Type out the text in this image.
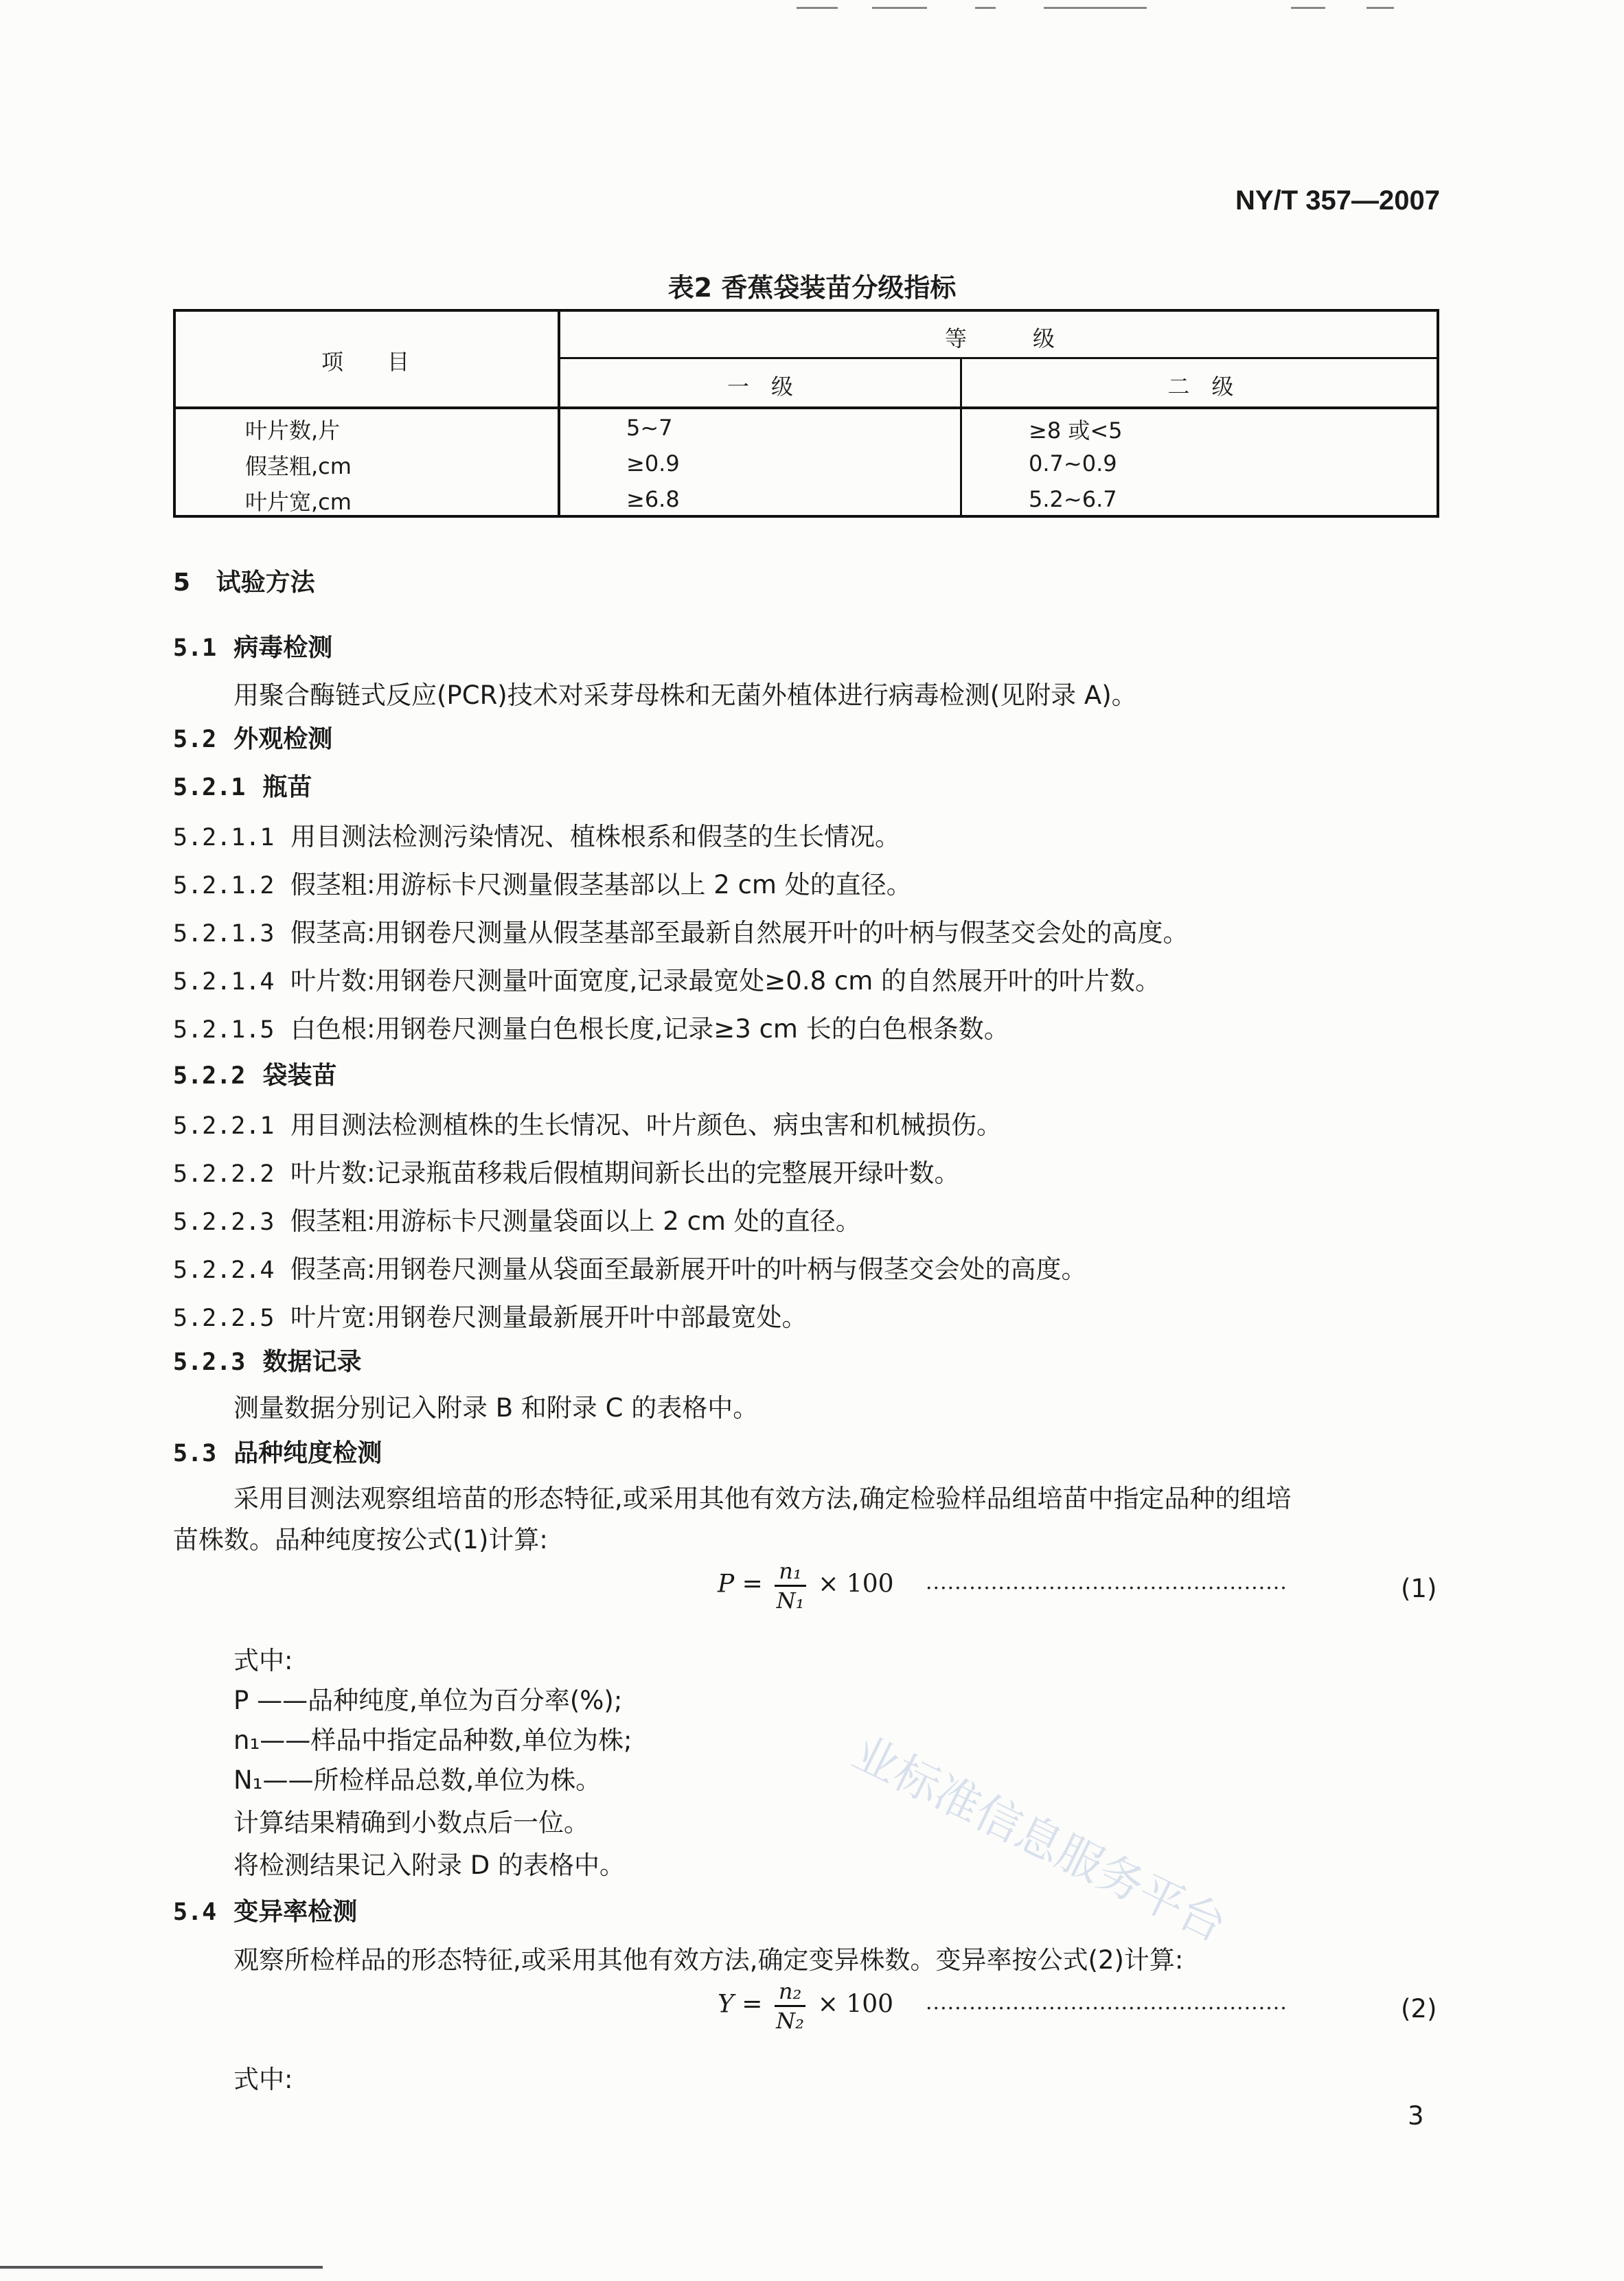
NY/T 357—2007
表2 香蕉袋装苗分级指标
项　　目
等　　　级
一　级	二　级
叶片数,片	5~7	≥8 或<5
假茎粗,cm	≥0.9	0.7~0.9
叶片宽,cm	≥6.8	5.2~6.7
5 试验方法
5.1 病毒检测
用聚合酶链式反应(PCR)技术对采芽母株和无菌外植体进行病毒检测(见附录 A)。
5.2 外观检测
5.2.1 瓶苗
5.2.1.1 用目测法检测污染情况、植株根系和假茎的生长情况。
5.2.1.2 假茎粗:用游标卡尺测量假茎基部以上 2 cm 处的直径。
5.2.1.3 假茎高:用钢卷尺测量从假茎基部至最新自然展开叶的叶柄与假茎交会处的高度。
5.2.1.4 叶片数:用钢卷尺测量叶面宽度,记录最宽处≥0.8 cm 的自然展开叶的叶片数。
5.2.1.5 白色根:用钢卷尺测量白色根长度,记录≥3 cm 长的白色根条数。
5.2.2 袋装苗
5.2.2.1 用目测法检测植株的生长情况、叶片颜色、病虫害和机械损伤。
5.2.2.2 叶片数:记录瓶苗移栽后假植期间新长出的完整展开绿叶数。
5.2.2.3 假茎粗:用游标卡尺测量袋面以上 2 cm 处的直径。
5.2.2.4 假茎高:用钢卷尺测量从袋面至最新展开叶的叶柄与假茎交会处的高度。
5.2.2.5 叶片宽:用钢卷尺测量最新展开叶中部最宽处。
5.2.3 数据记录
测量数据分别记入附录 B 和附录 C 的表格中。
5.3 品种纯度检测
采用目测法观察组培苗的形态特征,或采用其他有效方法,确定检验样品组培苗中指定品种的组培
苗株数。品种纯度按公式(1)计算:
$P = \frac{\text{n₁}}{\text{N₁}} \times 100$ ··················································	(1)
式中:
P ——品种纯度,单位为百分率(%);
n₁——样品中指定品种数,单位为株;
N₁——所检样品总数,单位为株。
计算结果精确到小数点后一位。
将检测结果记入附录 D 的表格中。
5.4 变异率检测
观察所检样品的形态特征,或采用其他有效方法,确定变异株数。变异率按公式(2)计算:
$Y = \frac{\text{n₂}}{\text{N₂}} \times 100$ ··················································	(2)
式中:
3
业标准信息服务平台
